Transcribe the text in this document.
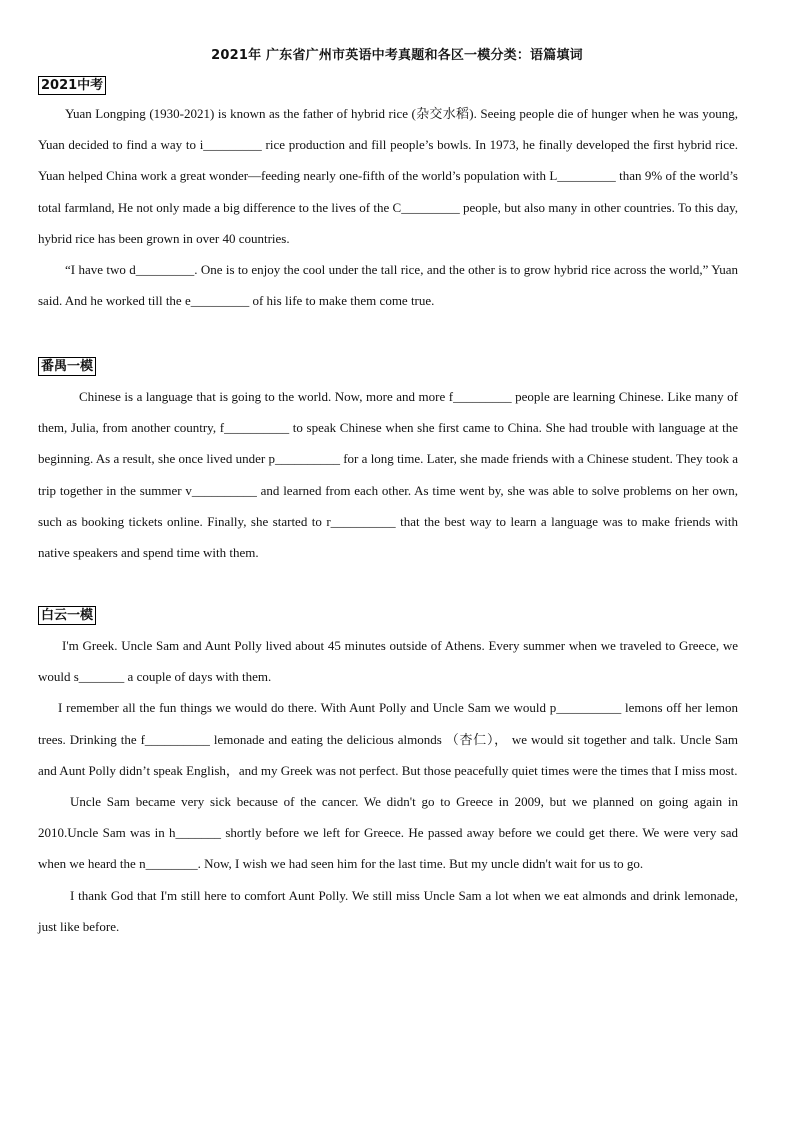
2021年 广东省广州市英语中考真题和各区一模分类：语篇填词
2021中考

Yuan Longping (1930-2021) is known as the father of hybrid rice (杂交水稻). Seeing people die of hunger when he was young, Yuan decided to find a way to i_________ rice production and fill people’s bowls. In 1973, he finally developed the first hybrid rice. Yuan helped China work a great wonder—feeding nearly one-fifth of the world’s population with L_________ than 9% of the world’s total farmland, He not only made a big difference to the lives of the C_________ people, but also many in other countries. To this day, hybrid rice has been grown in over 40 countries.

“I have two d_________. One is to enjoy the cool under the tall rice, and the other is to grow hybrid rice across the world,” Yuan said. And he worked till the e_________ of his life to make them come true.

番禺一模

Chinese is a language that is going to the world. Now, more and more f_________ people are learning Chinese. Like many of them, Julia, from another country, f__________ to speak Chinese when she first came to China. She had trouble with language at the beginning. As a result, she once lived under p__________ for a long time. Later, she made friends with a Chinese student. They took a trip together in the summer v__________ and learned from each other. As time went by, she was able to solve problems on her own, such as booking tickets online. Finally, she started to r__________ that the best way to learn a language was to make friends with native speakers and spend time with them.

白云一模

I'm Greek. Uncle Sam and Aunt Polly lived about 45 minutes outside of Athens. Every summer when we traveled to Greece, we would s_______ a couple of days with them.

I remember all the fun things we would do there. With Aunt Polly and Uncle Sam we would p__________ lemons off her lemon trees. Drinking the f__________ lemonade and eating the delicious almonds （杏仁）， we would sit together and talk. Uncle Sam and Aunt Polly didn’t speak English，and my Greek was not perfect. But those peacefully quiet times were the times that I miss most.

Uncle Sam became very sick because of the cancer. We didn't go to Greece in 2009, but we planned on going again in 2010.Uncle Sam was in h_______ shortly before we left for Greece. He passed away before we could get there. We were very sad when we heard the n________. Now, I wish we had seen him for the last time. But my uncle didn't wait for us to go.

I thank God that I'm still here to comfort Aunt Polly. We still miss Uncle Sam a lot when we eat almonds and drink lemonade, just like before.
